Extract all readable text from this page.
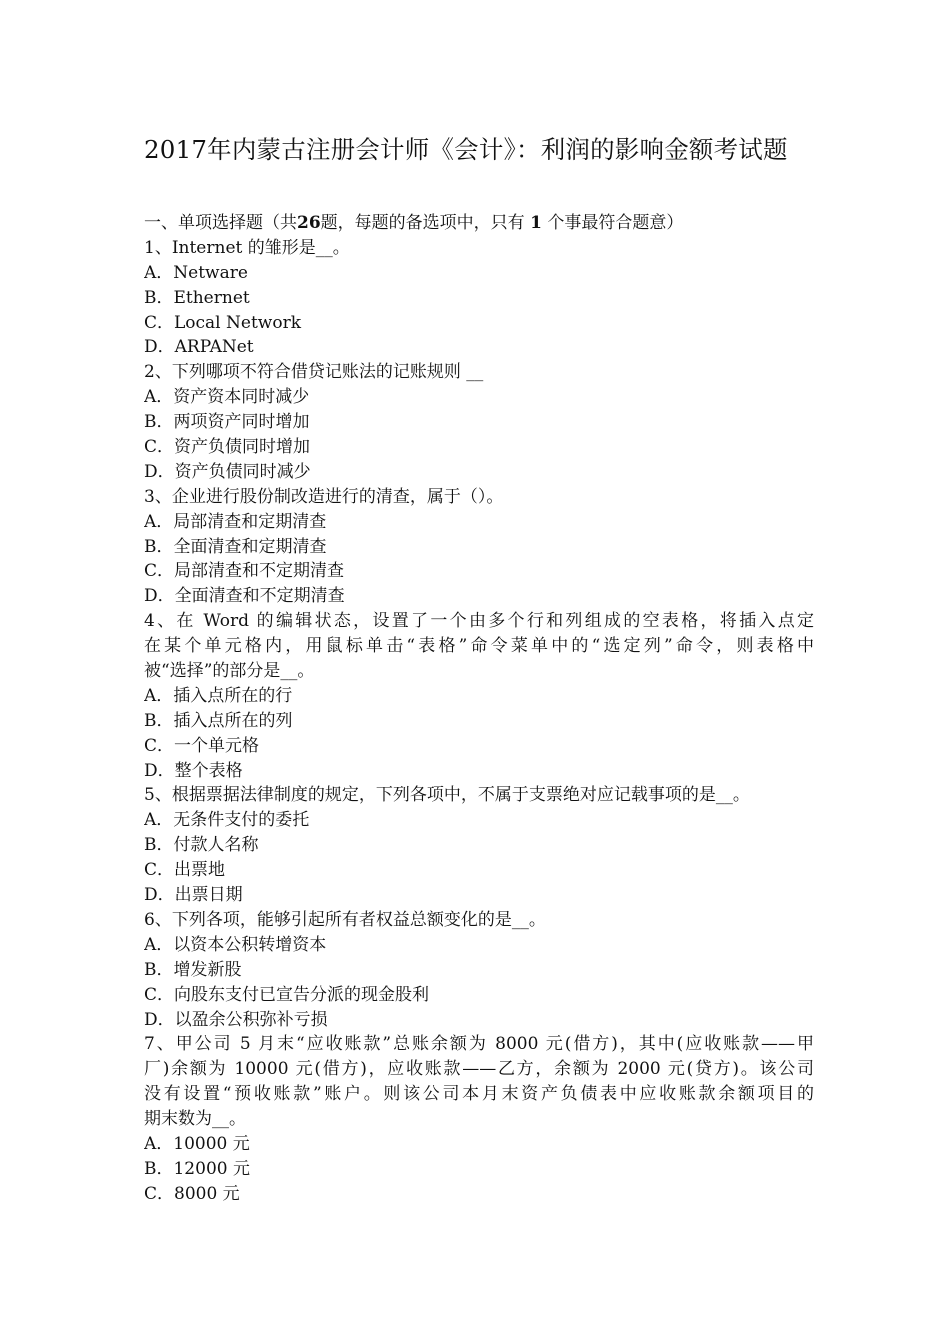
2017年内蒙古注册会计师《会计》：利润的影响金额考试题
一、单项选择题（共26题，每题的备选项中，只有 1 个事最符合题意）
1、Internet 的雏形是__。
A．Netware
B．Ethernet
C．Local Network
D．ARPANet
2、下列哪项不符合借贷记账法的记账规则 __
A．资产资本同时减少
B．两项资产同时增加
C．资产负债同时增加
D．资产负债同时减少
3、企业进行股份制改造进行的清查，属于（）。
A．局部清查和定期清查
B．全面清查和定期清查
C．局部清查和不定期清查
D．全面清查和不定期清查
4、在 Word 的编辑状态，设置了一个由多个行和列组成的空表格，将插入点定
在某个单元格内，用鼠标单击“表格”命令菜单中的“选定列”命令，则表格中
被“选择”的部分是__。
A．插入点所在的行
B．插入点所在的列
C．一个单元格
D．整个表格
5、根据票据法律制度的规定，下列各项中，不属于支票绝对应记载事项的是__。
A．无条件支付的委托
B．付款人名称
C．出票地
D．出票日期
6、下列各项，能够引起所有者权益总额变化的是__。
A．以资本公积转增资本
B．增发新股
C．向股东支付已宣告分派的现金股利
D．以盈余公积弥补亏损
7、甲公司 5 月末“应收账款”总账余额为 8000 元(借方)，其中(应收账款——甲
厂)余额为 10000 元(借方)，应收账款——乙方，余额为 2000 元(贷方)。该公司
没有设置“预收账款”账户。则该公司本月末资产负债表中应收账款余额项目的
期末数为__。
A．10000 元
B．12000 元
C．8000 元
